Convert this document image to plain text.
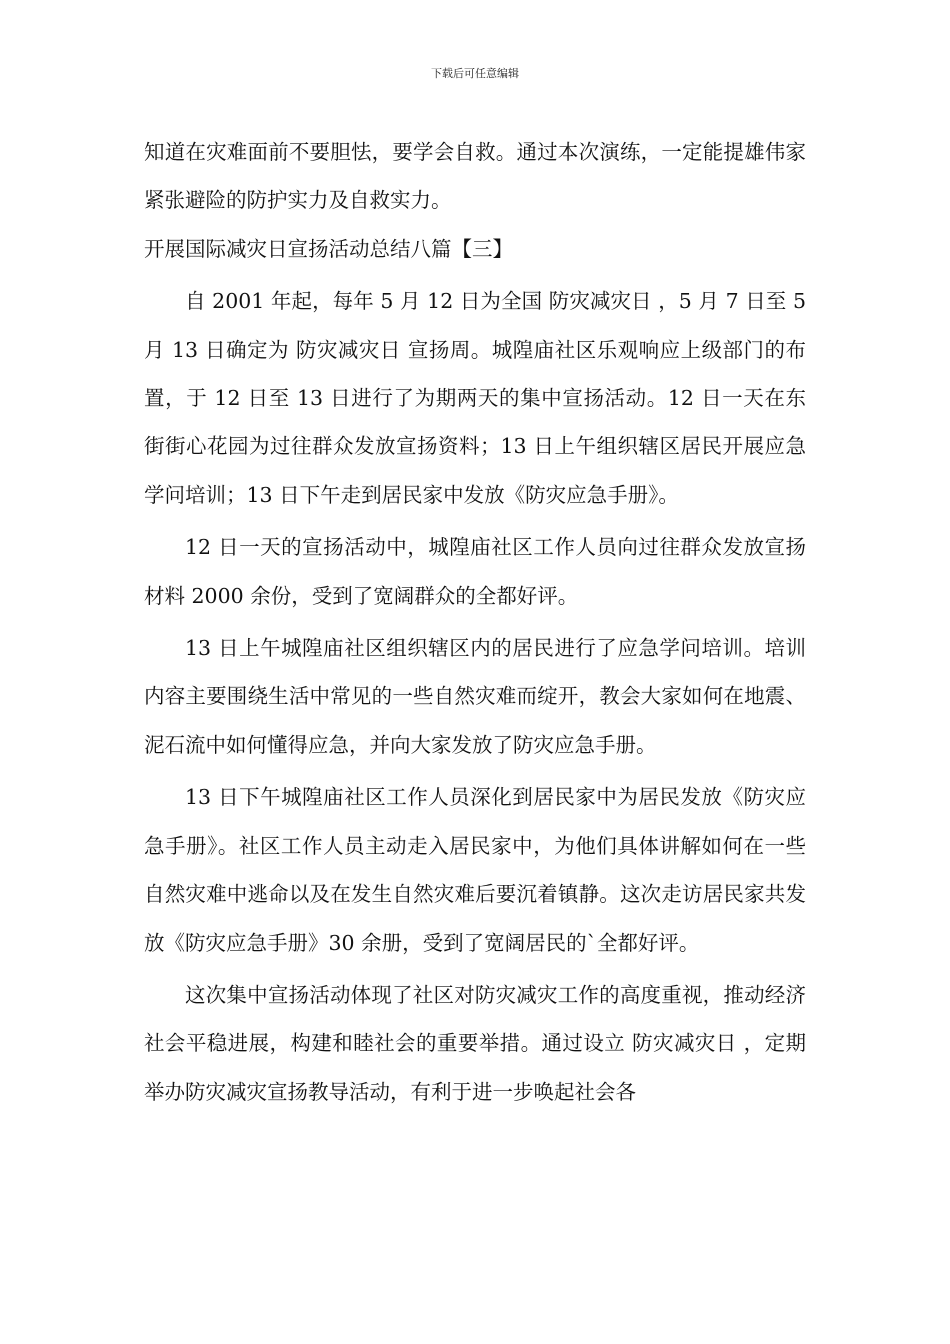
下载后可任意编辑

知道在灾难面前不要胆怯，要学会自救。通过本次演练，一定能提雄伟家紧张避险的防护实力及自救实力。

开展国际减灾日宣扬活动总结八篇【三】

自 2001 年起，每年 5 月 12 日为全国 防灾减灾日 ，5 月 7 日至 5 月 13 日确定为 防灾减灾日 宣扬周。城隍庙社区乐观响应上级部门的布置，于 12 日至 13 日进行了为期两天的集中宣扬活动。12 日一天在东街街心花园为过往群众发放宣扬资料；13 日上午组织辖区居民开展应急学问培训；13 日下午走到居民家中发放《防灾应急手册》。

12 日一天的宣扬活动中，城隍庙社区工作人员向过往群众发放宣扬材料 2000 余份，受到了宽阔群众的全都好评。

13 日上午城隍庙社区组织辖区内的居民进行了应急学问培训。培训内容主要围绕生活中常见的一些自然灾难而绽开，教会大家如何在地震、泥石流中如何懂得应急，并向大家发放了防灾应急手册。

13 日下午城隍庙社区工作人员深化到居民家中为居民发放《防灾应急手册》。社区工作人员主动走入居民家中，为他们具体讲解如何在一些自然灾难中逃命以及在发生自然灾难后要沉着镇静。这次走访居民家共发放《防灾应急手册》30 余册，受到了宽阔居民的`全都好评。

这次集中宣扬活动体现了社区对防灾减灾工作的高度重视，推动经济社会平稳进展，构建和睦社会的重要举措。通过设立 防灾减灾日 ，定期举办防灾减灾宣扬教导活动，有利于进一步唤起社会各
